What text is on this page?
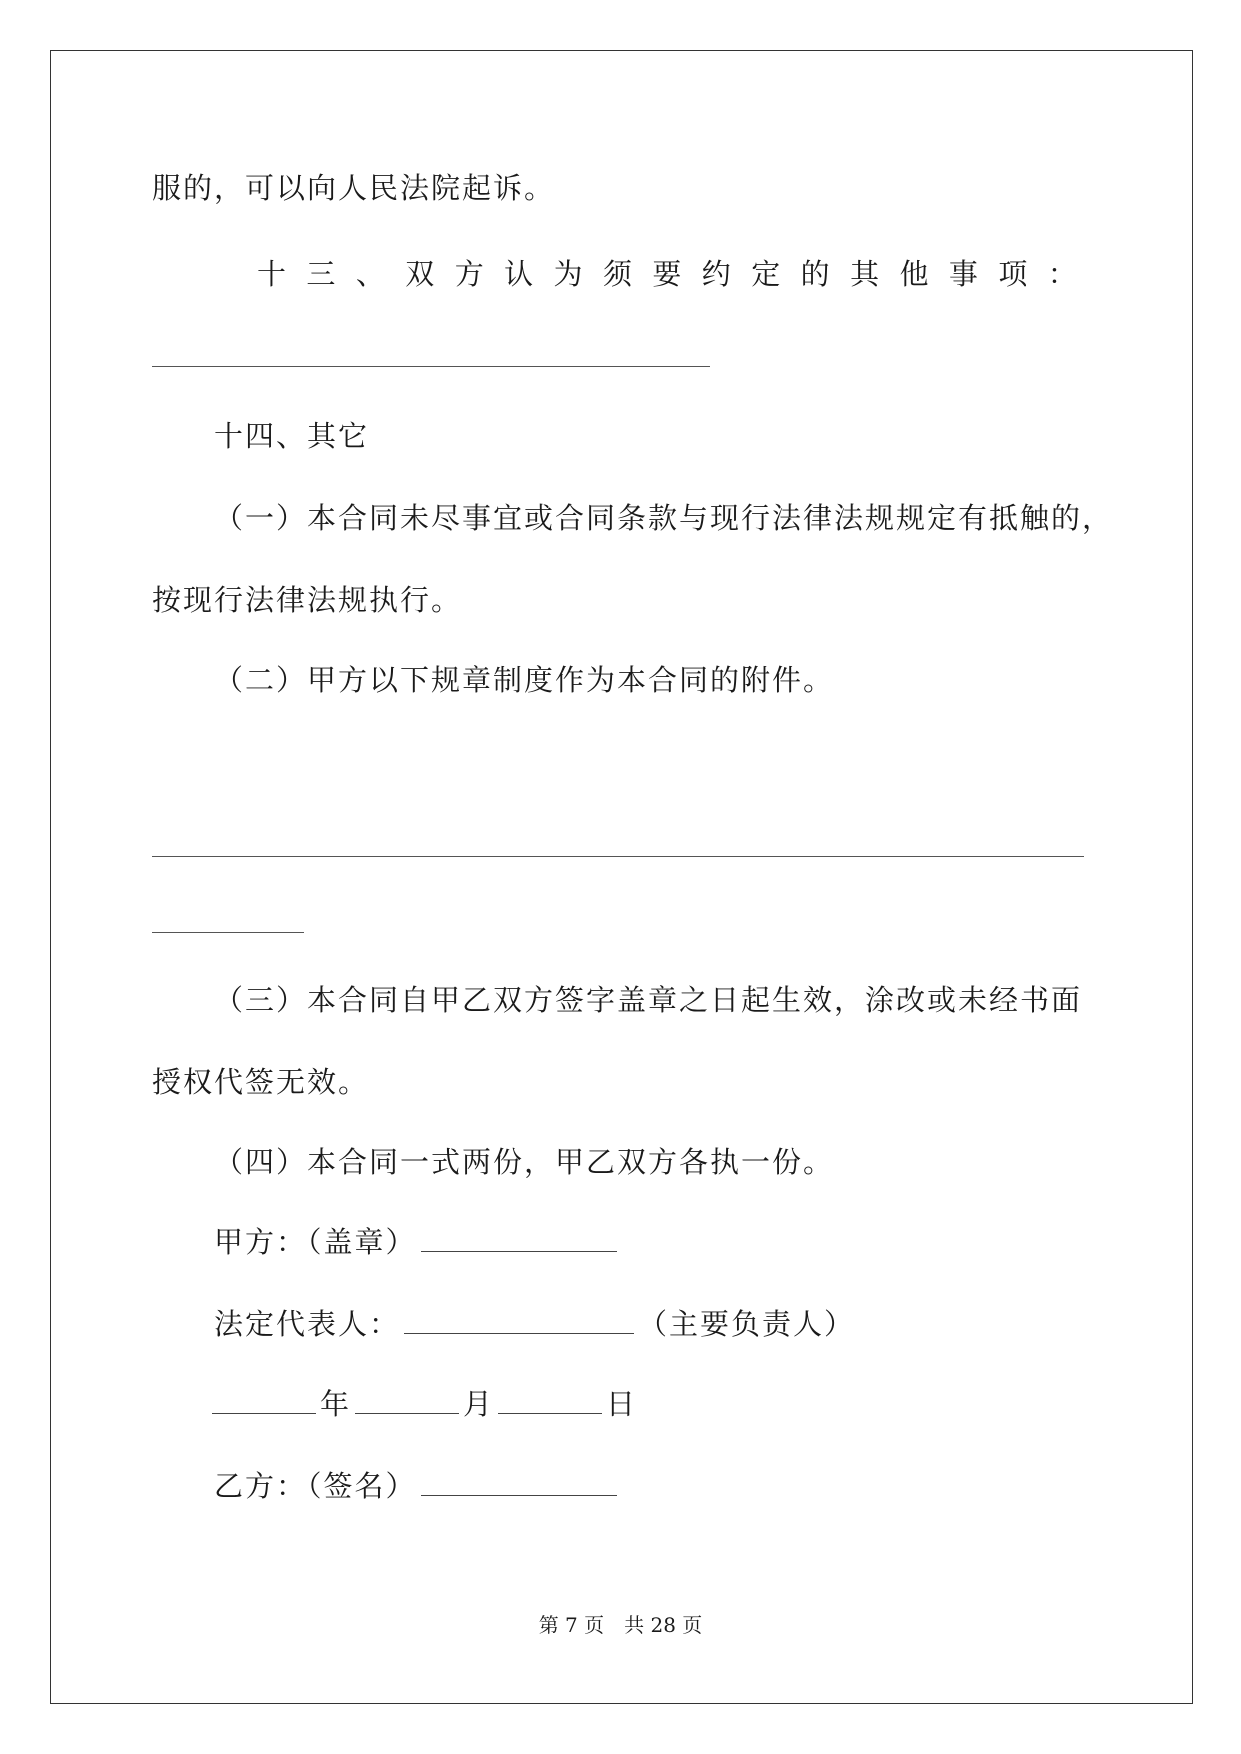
服的，可以向人民法院起诉。
十 三 、 双 方 认 为 须 要 约 定 的 其 他 事 项 ：
十四、其它
（一）本合同未尽事宜或合同条款与现行法律法规规定有抵触的，
按现行法律法规执行。
（二）甲方以下规章制度作为本合同的附件。
（三）本合同自甲乙双方签字盖章之日起生效，涂改或未经书面
授权代签无效。
（四）本合同一式两份，甲乙双方各执一份。
甲方：（盖章）
法定代表人：	（主要负责人）
年	月	日
乙方：（签名）
第 7 页　共 28 页
